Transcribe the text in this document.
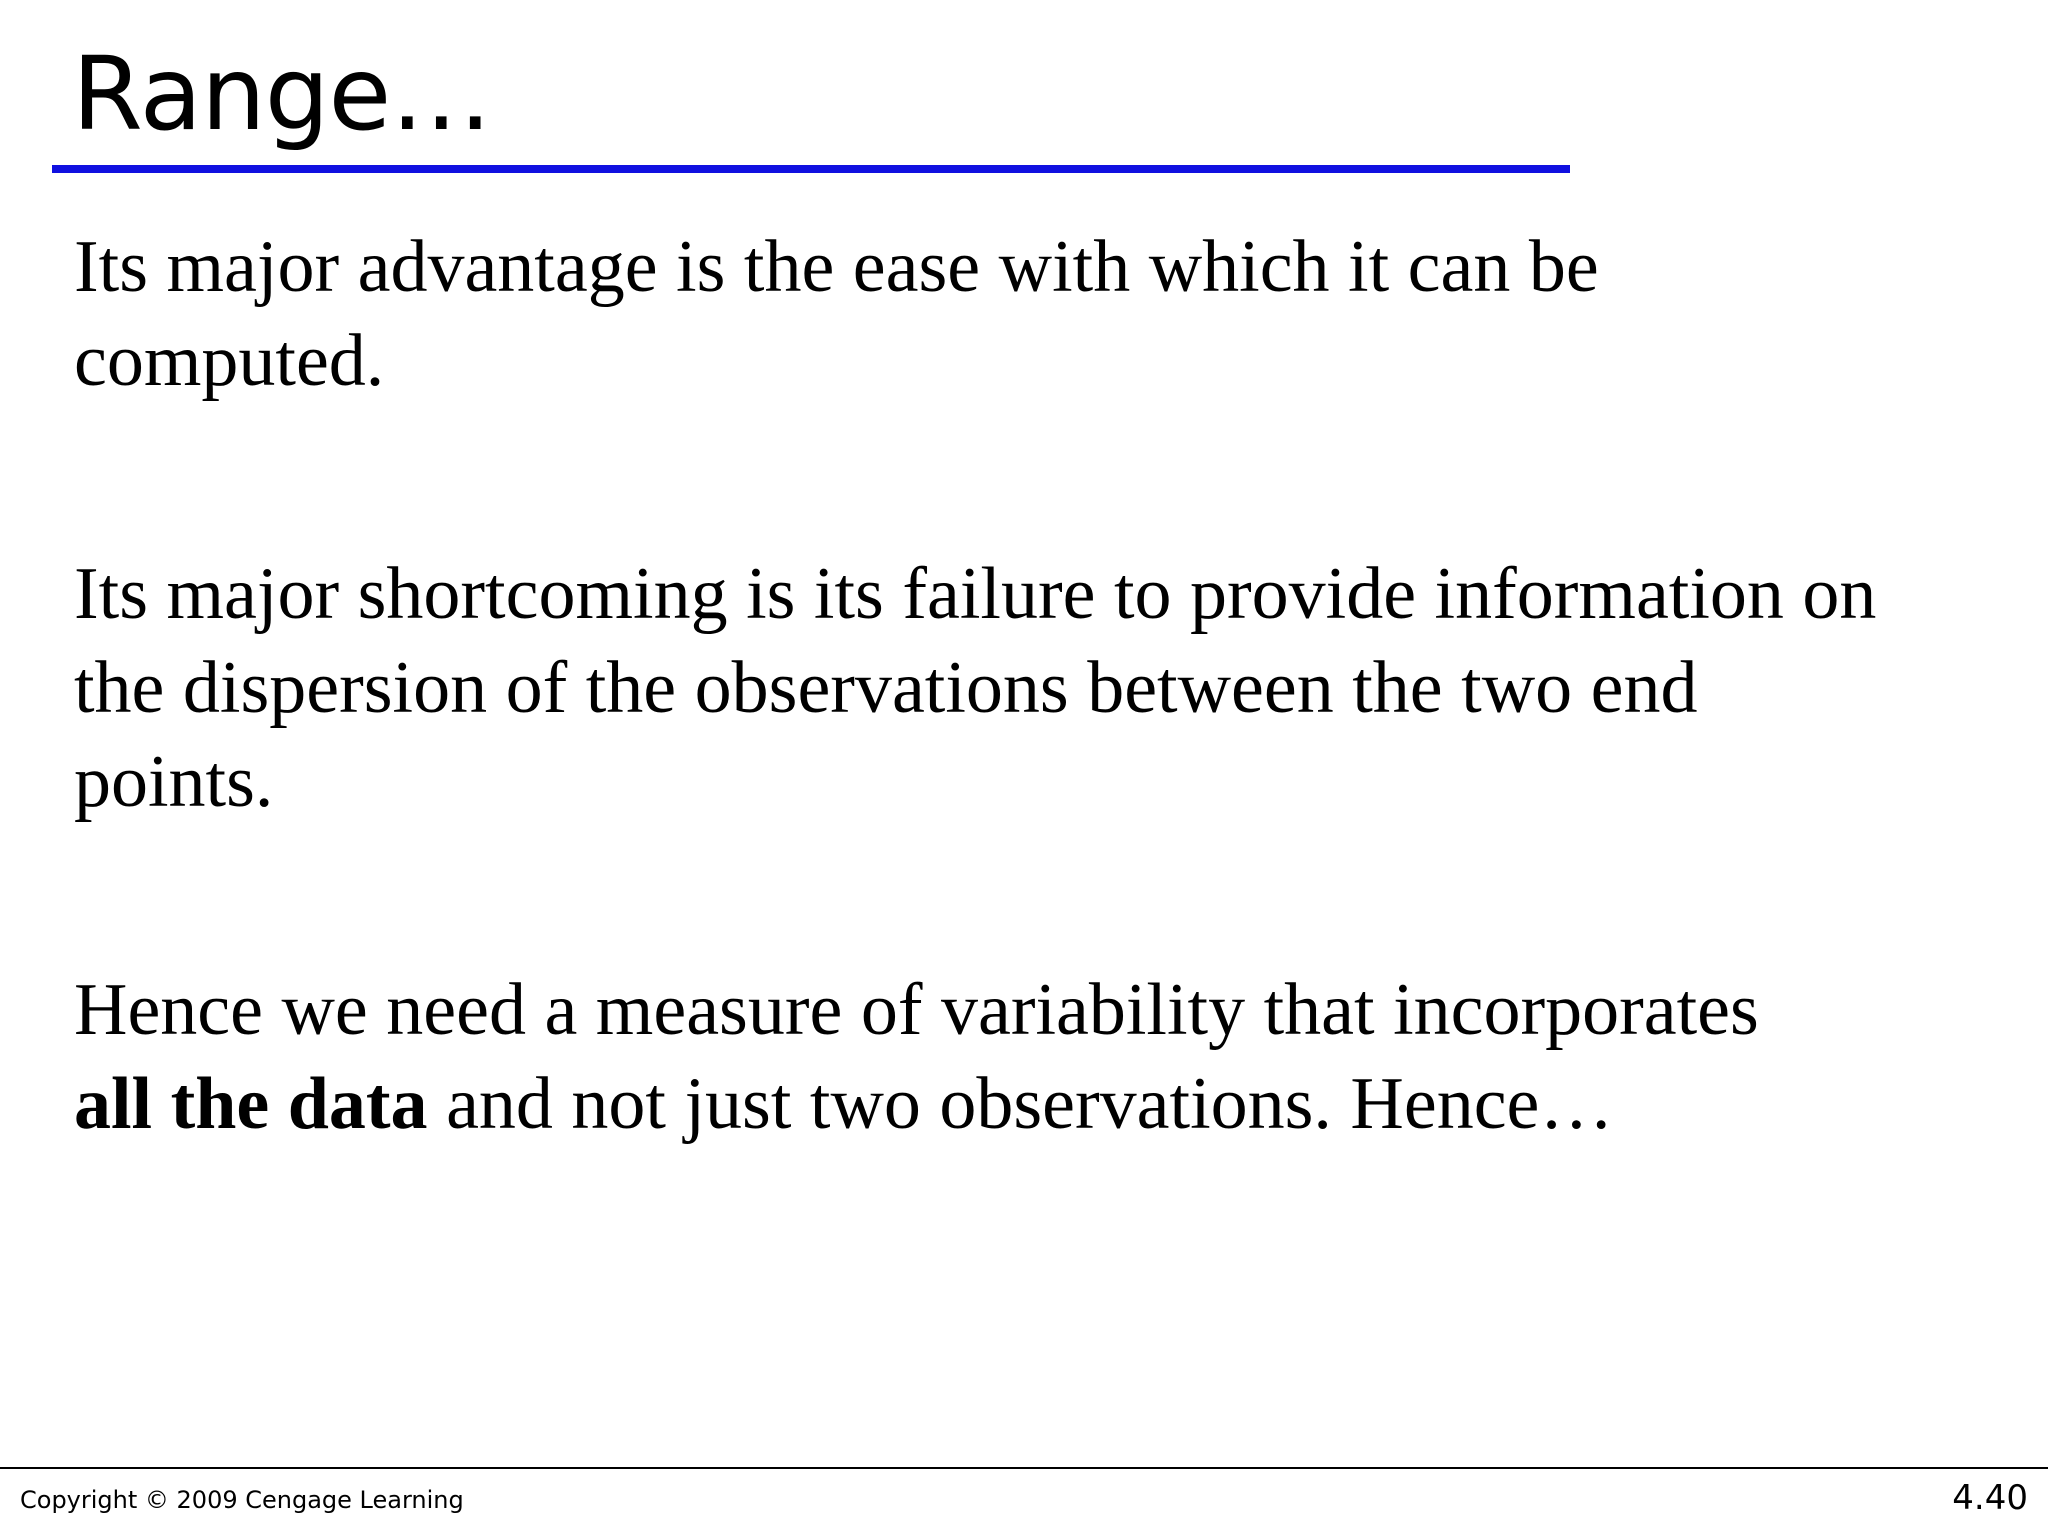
Range…
Its major advantage is the ease with which it can be
computed.
Its major shortcoming is its failure to provide information on
the dispersion of the observations between the two end
points.
Hence we need a measure of variability that incorporates
all the data and not just two observations. Hence…
Copyright © 2009 Cengage Learning	4.40
